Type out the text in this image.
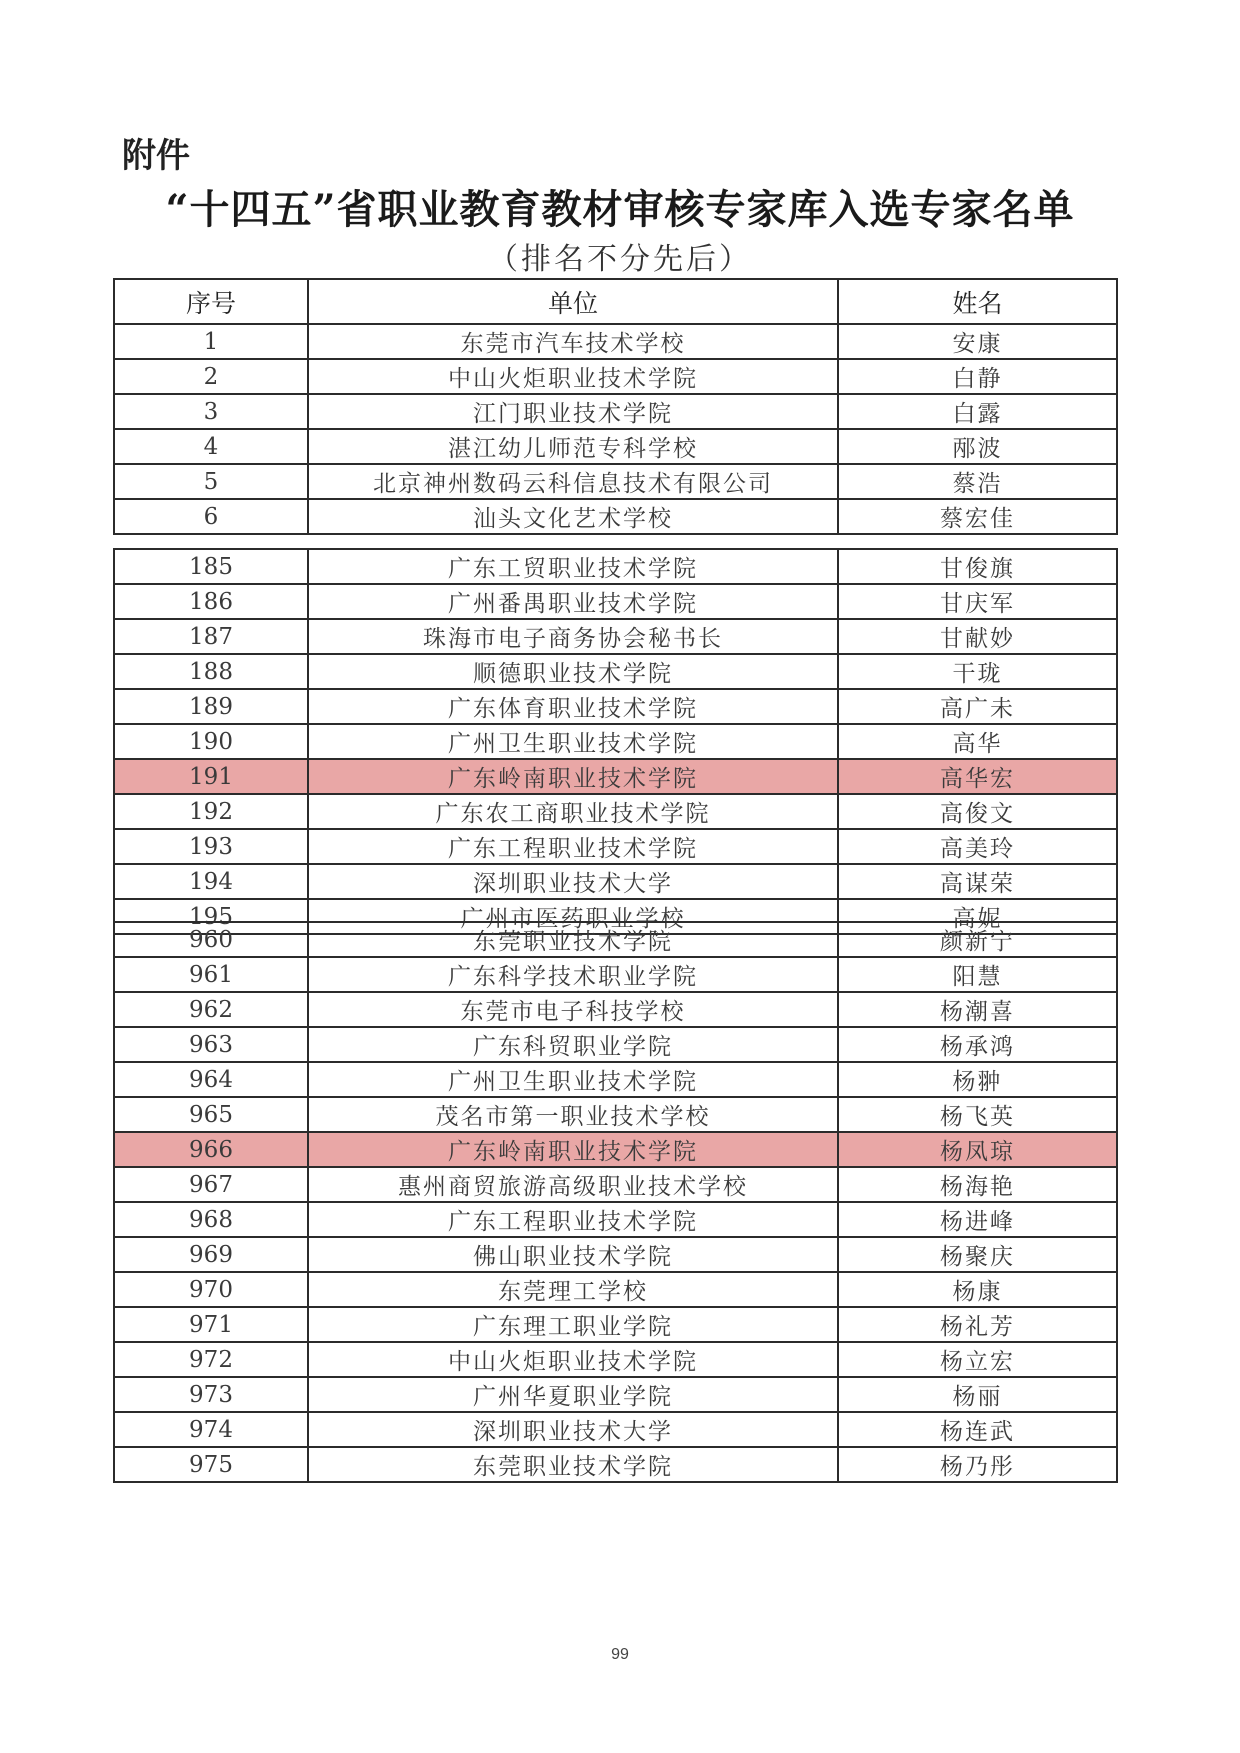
附件
“十四五”省职业教育教材审核专家库入选专家名单
（排名不分先后）
序号	单位	姓名
1	东莞市汽车技术学校	安康
2	中山火炬职业技术学院	白静
3	江门职业技术学院	白露
4	湛江幼儿师范专科学校	邴波
5	北京神州数码云科信息技术有限公司	蔡浩
6	汕头文化艺术学校	蔡宏佳
185	广东工贸职业技术学院	甘俊旗
186	广州番禺职业技术学院	甘庆军
187	珠海市电子商务协会秘书长	甘献妙
188	顺德职业技术学院	干珑
189	广东体育职业技术学院	高广未
190	广州卫生职业技术学院	高华
191	广东岭南职业技术学院	高华宏
192	广东农工商职业技术学院	高俊文
193	广东工程职业技术学院	高美玲
194	深圳职业技术大学	高谋荣
195	广州市医药职业学校	高妮
960	东莞职业技术学院	颜新宁
961	广东科学技术职业学院	阳慧
962	东莞市电子科技学校	杨潮喜
963	广东科贸职业学院	杨承鸿
964	广州卫生职业技术学院	杨翀
965	茂名市第一职业技术学校	杨飞英
966	广东岭南职业技术学院	杨凤琼
967	惠州商贸旅游高级职业技术学校	杨海艳
968	广东工程职业技术学院	杨进峰
969	佛山职业技术学院	杨聚庆
970	东莞理工学校	杨康
971	广东理工职业学院	杨礼芳
972	中山火炬职业技术学院	杨立宏
973	广州华夏职业学院	杨丽
974	深圳职业技术大学	杨连武
975	东莞职业技术学院	杨乃彤
99
